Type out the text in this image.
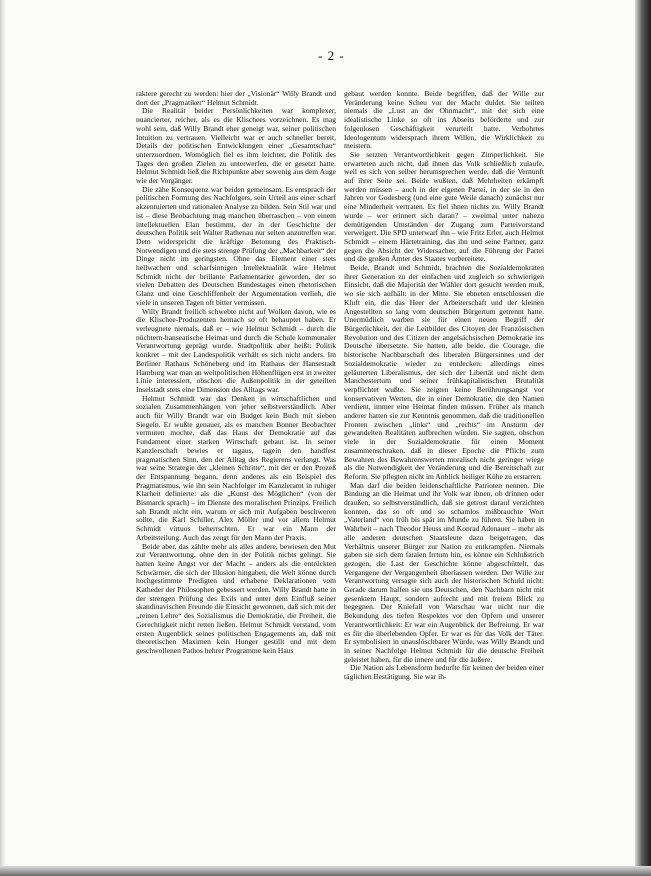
- 2 -

raktere gerecht zu werden: hier der „Visionär“ Willy Brandt und dort der „Pragmatiker“ Helmut Schmidt.

Die Realität beider Persönlichkeiten war komplexer, nuancierter, reicher, als es die Klischees vorzeichnen. Es mag wohl sein, daß Willy Brandt eher geneigt war, seiner politischen Intuition zu vertrauen. Vielleicht war er auch schneller bereit, Details der politischen Entwicklungen einer „Gesamtschau“ unterzuordnen. Womöglich fiel es ihm leichter, die Politik des Tages den großen Zielen zu unterwerfen, die er gesetzt hatte. Helmut Schmidt ließ die Richtpunkte aber sowenig aus dem Auge wie der Vorgänger.

Die zähe Konsequenz war beiden gemeinsam. Es entsprach der politischen Formung des Nachfolgers, sein Urteil aus einer scharf akzentuierten und rationalen Analyse zu bilden. Sein Stil war und ist – diese Beobachtung mag manchen überraschen – von einem intellektuellen Elan bestimmt, der in der Geschichte der deutschen Politik seit Walter Rathenau nur selten anzutreffen war. Dem widerspricht die kräftige Betonung des Praktisch-Notwendigen und die stets strenge Prüfung der „Machbarkeit“ der Dinge nicht im geringsten. Ohne das Element einer stets hellwachen und scharfsinnigen Intellektualität wäre Helmut Schmidt nicht der brillante Parlamentarier geworden, der so vielen Debatten des Deutschen Bundestages einen rhetorischen Glanz und eine Geschliffenheit der Argumentation verlieh, die viele in unseren Tagen oft bitter vermissen.

Willy Brandt freilich schwebte nicht auf Wolken davon, wie es die Klischee-Produzenten hernach so oft behauptet haben. Er verleugnete niemals, daß er – wie Helmut Schmidt – durch die nüchtern-hanseatische Heimat und durch die Schule kommunaler Verantwortung geprägt wurde. Stadtpolitik aber heißt: Politik konkret – mit der Landespolitik verhält es sich nicht anders. Im Berliner Rathaus Schöneberg und im Rathaus der Hansestadt Hamburg war man an weltpolitischen Höhenflügen erst in zweiter Linie interessiert, obschon die Außenpolitik in der geteilten Inselstadt stets eine Dimension des Alltags war.

Helmut Schmidt war das Denken in wirtschaftlichen und sozialen Zusammenhängen von jeher selbstverständlich. Aber auch für Willy Brandt war ein Budget kein Buch mit sieben Siegeln. Er wußte genauer, als es manchen Bonner Beobachter vermuten mochte, daß das Haus der Demokratie auf das Fundament einer starken Wirtschaft gebaut ist. In seiner Kanzlerschaft bewies er tagaus, tagein den handfest pragmatischen Sinn, den der Alltag des Regierens verlangt. Was war seine Strategie der „kleinen Schritte“, mit der er den Prozeß der Entspannung begann, denn anderes als ein Beispiel des Pragmatismus, wie ihn sein Nachfolger im Kanzleramt in ruhiger Klarheit definierte: als die „Kunst des Möglichen“ (von der Bismarck sprach) – im Dienste des moralischen Prinzips. Freilich sah Brandt nicht ein, warum er sich mit Aufgaben beschweren sollte, die Karl Schiller, Alex Möller und vor allem Helmut Schmidt virtuos beherrschten. Er war ein Mann der Arbeitsteilung. Auch das zeugt für den Mann der Praxis.

Beide aber, das zählte mehr als alles andere, bewiesen den Mut zur Verantwortung, ohne den in der Politik nichts gelingt. Sie hatten keine Angst vor der Macht – anders als die entrückten Schwärmer, die sich der Illusion hingaben, die Welt könne durch hochgestimmte Predigten und erhabene Deklarationen vom Katheder der Philosophen gebessert werden. Willy Brandt hatte in der strengen Prüfung des Exils und unter dem Einfluß seiner skandinavischen Freunde die Einsicht gewonnen, daß sich mit der „reinen Lehre“ des Sozialismus die Demokratie, die Freiheit, die Gerechtigkeit nicht retten ließen. Helmut Schmidt verstand, vom ersten Augenblick seines politischen Engagements an, daß mit theoretischen Maximen kein Hunger gestillt und mit dem geschwollenen Pathos hehrer Programme kein Haus

gebaut werden konnte. Beide begriffen, daß der Wille zur Veränderung keine Scheu vor der Macht duldet. Sie teilten niemals die „Lust an der Ohnmacht“, mit der sich eine idealistische Linke so oft ins Abseits beförderte und zur folgenlosen Geschäftigkeit verurteilt hatte. Verbohrtes Ideologentum widersprach ihrem Willen, die Wirklichkeit zu meistern.

Sie setzten Verantwortlichkeit gegen Zimperlichkeit. Sie erwarteten auch nicht, daß ihnen das Volk schließlich zulaufe, weil es sich von selber herumsprechen werde, daß die Vernunft auf ihrer Seite sei. Beide wußten, daß Mehrheiten erkämpft werden müssen – auch in der eigenen Partei, in der sie in den Jahren vor Godesberg (und eine gute Weile danach) zunächst nur eine Minderheit vertraten. Es fiel ihnen nichts zu. Willy Brandt wurde – wer erinnert sich daran? – zweimal unter nahezu demütigenden Umständen der Zugang zum Parteivorstand verweigert. Die SPD unterwarf ihn – wie Fritz Erler, auch Helmut Schmidt – einem Härtetraining, das ihn und seine Partner, ganz gegen die Absicht der Widersacher, auf die Führung der Partei und die großen Ämter des Staates vorbereitete.

Beide, Brandt und Schmidt, brachten die Sozialdemokraten ihrer Generation zu der einfachen und zugleich so schwierigen Einsicht, daß die Majorität der Wähler dort gesucht werden muß, wo sie sich aufhält: in der Mitte. Sie ebneten entschlossen die Kluft ein, die das Heer der Arbeiterschaft und der kleinen Angestellten so lang vom deutschen Bürgertum getrennt hatte. Unermüdlich warben sie für einen neuen Begriff der Bürgerlichkeit, der die Leitbilder des Citoyen der Französischen Revolution und des Citizen der angelsächsischen Demokratie ins Deutsche übersetzte. Sie hatten, alle beide, die Courage, die historische Nachbarschaft des liberalen Bürgersinnes und der Sozialdemokratie wieder zu entdecken: allerdings eines geläuterten Liberalismus, der sich der Libertät und nicht dem Manchestertum und seiner frühkapitalistischen Brutalität verpflichtet wußte. Sie zeigten keine Berührungsangst vor konservativen Werten, die in einer Demokratie, die den Namen verdient, immer eine Heimat finden müssen. Früher als manch anderer hatten sie zur Kenntnis genommen, daß die traditionellen Fronten zwischen „links“ und „rechts“ im Ansturm der gewandelten Realitäten aufbrechen würden. Sie sagten, obschon viele in der Sozialdemokratie für einen Moment zusammenschraken, daß in dieser Epoche die Pflicht zum Bewahren des Bewahrenswerten moralisch nicht geringer wiege als die Notwendigkeit der Veränderung und die Bereitschaft zur Reform. Sie pflegten nicht im Anblick heiliger Kühe zu erstarren.

Man darf die beiden leidenschaftliche Patrioten nennen. Die Bindung an die Heimat und ihr Volk war ihnen, ob drinnen oder draußen, so selbstverständlich, daß sie getrost darauf verzichten konnten, das so oft und so schamlos mißbrauchte Wort „Vaterland“ von früh bis spät im Munde zu führen. Sie haben in Wahrheit – nach Theodor Heuss und Konrad Adenauer – mehr als alle anderen deutschen Staatsleute dazu beigetragen, das Verhältnis unserer Bürger zur Nation zu entkrampfen. Niemals gaben sie sich dem fatalen Irrtum hin, es könne ein Schlußstrich gezogen, die Last der Geschichte könne abgeschüttelt, das Vergangene der Vergangenheit überlassen werden. Der Wille zur Verantwortung versagte sich auch der historischen Schuld nicht: Gerade darum halfen sie uns Deutschen, den Nachbarn nicht mit gesenktem Haupt, sondern aufrecht und mit freiem Blick zu begegnen. Der Kniefall von Warschau war nicht nur die Bekundung des tiefen Respektes vor den Opfern und unserer Verantwortlichkeit: Er war ein Augenblick der Befreiung. Er war es für die überlebenden Opfer. Er war es für das Volk der Täter. Er symbolisiert in unauslöschbarer Würde, was Willy Brandt und in seiner Nachfolge Helmut Schmidt für die deutsche Freiheit geleistet haben, für die innere und für die äußere.

Die Nation als Lebensform bedurfte für keinen der beiden einer täglichen Bestätigung. Sie war ih-
